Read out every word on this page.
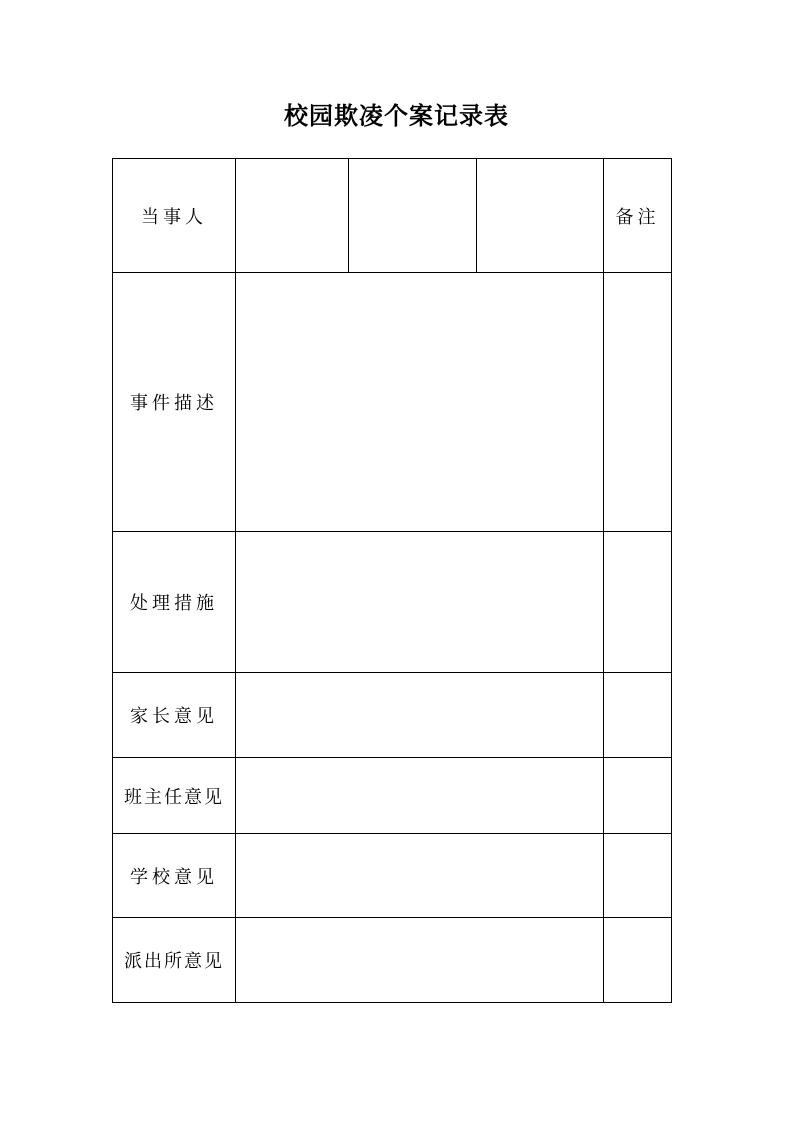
校园欺凌个案记录表
当事人				备注
事件描述				
处理措施				
家长意见				
班主任意见				
学校意见				
派出所意见				
